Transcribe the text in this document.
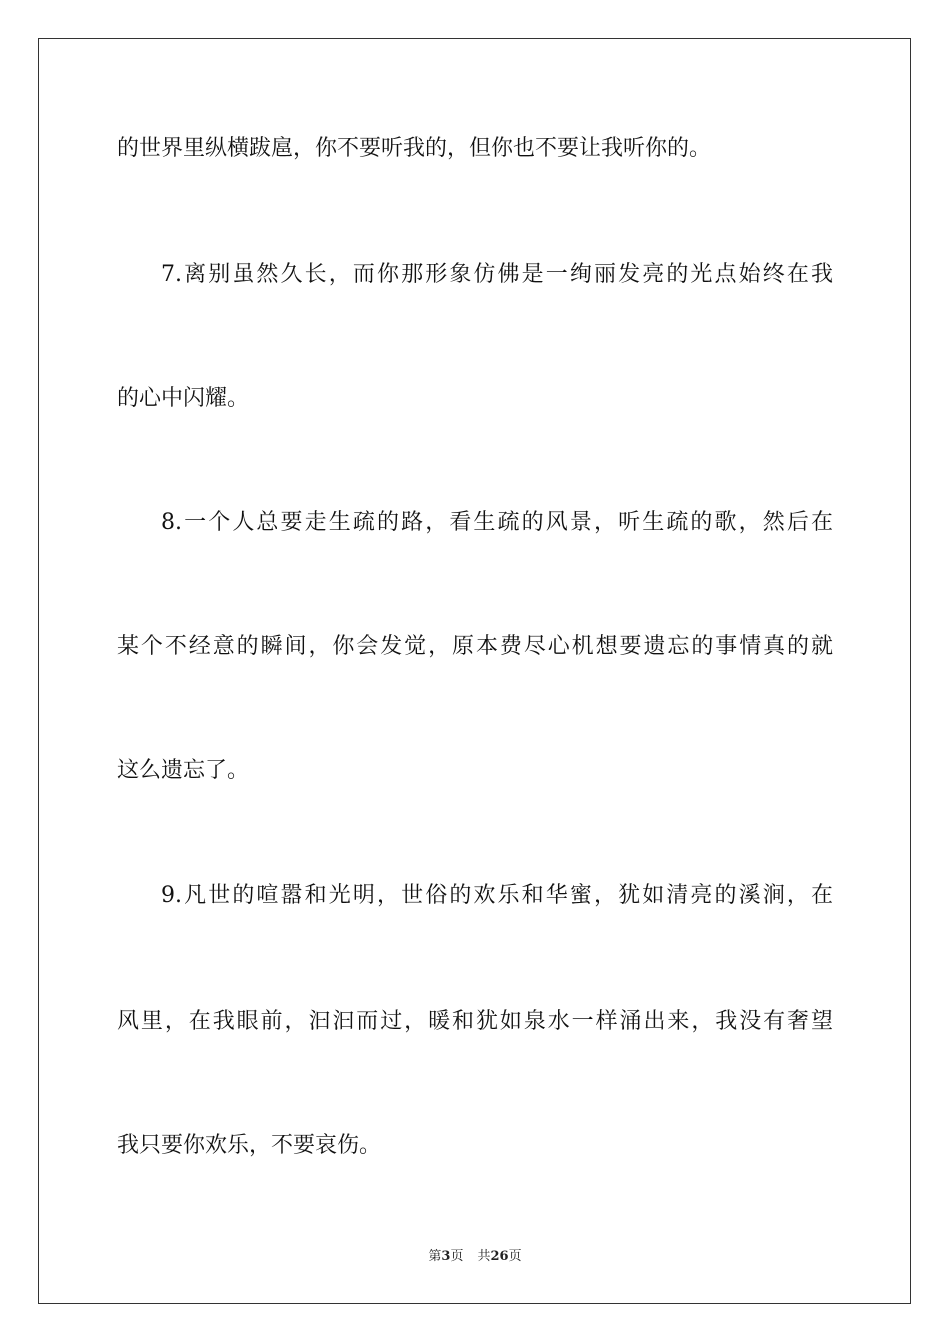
的世界里纵横跋扈，你不要听我的，但你也不要让我听你的。
7.离别虽然久长，而你那形象仿佛是一绚丽发亮的光点始终在我
的心中闪耀。
8.一个人总要走生疏的路，看生疏的风景，听生疏的歌，然后在
某个不经意的瞬间，你会发觉，原本费尽心机想要遗忘的事情真的就
这么遗忘了。
9.凡世的喧嚣和光明，世俗的欢乐和华蜜，犹如清亮的溪涧，在
风里，在我眼前，汩汩而过，暖和犹如泉水一样涌出来，我没有奢望
我只要你欢乐，不要哀伤。
第3页 共26页
